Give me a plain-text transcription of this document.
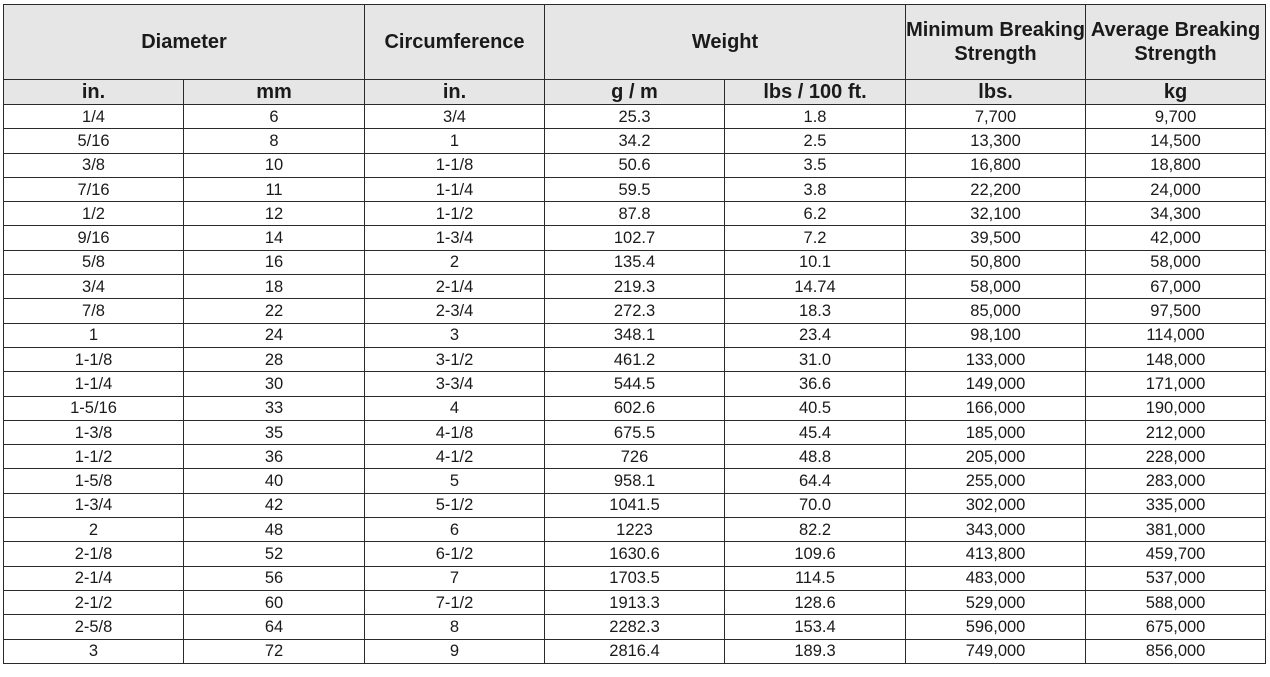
Diameter		Circumference	Weight		Minimum Breaking Strength	Average Breaking Strength
in.	mm	in.	g / m	lbs / 100 ft.	lbs.	kg
1/4	6	3/4	25.3	1.8	7,700	9,700
5/16	8	1	34.2	2.5	13,300	14,500
3/8	10	1-1/8	50.6	3.5	16,800	18,800
7/16	11	1-1/4	59.5	3.8	22,200	24,000
1/2	12	1-1/2	87.8	6.2	32,100	34,300
9/16	14	1-3/4	102.7	7.2	39,500	42,000
5/8	16	2	135.4	10.1	50,800	58,000
3/4	18	2-1/4	219.3	14.74	58,000	67,000
7/8	22	2-3/4	272.3	18.3	85,000	97,500
1	24	3	348.1	23.4	98,100	114,000
1-1/8	28	3-1/2	461.2	31.0	133,000	148,000
1-1/4	30	3-3/4	544.5	36.6	149,000	171,000
1-5/16	33	4	602.6	40.5	166,000	190,000
1-3/8	35	4-1/8	675.5	45.4	185,000	212,000
1-1/2	36	4-1/2	726	48.8	205,000	228,000
1-5/8	40	5	958.1	64.4	255,000	283,000
1-3/4	42	5-1/2	1041.5	70.0	302,000	335,000
2	48	6	1223	82.2	343,000	381,000
2-1/8	52	6-1/2	1630.6	109.6	413,800	459,700
2-1/4	56	7	1703.5	114.5	483,000	537,000
2-1/2	60	7-1/2	1913.3	128.6	529,000	588,000
2-5/8	64	8	2282.3	153.4	596,000	675,000
3	72	9	2816.4	189.3	749,000	856,000
